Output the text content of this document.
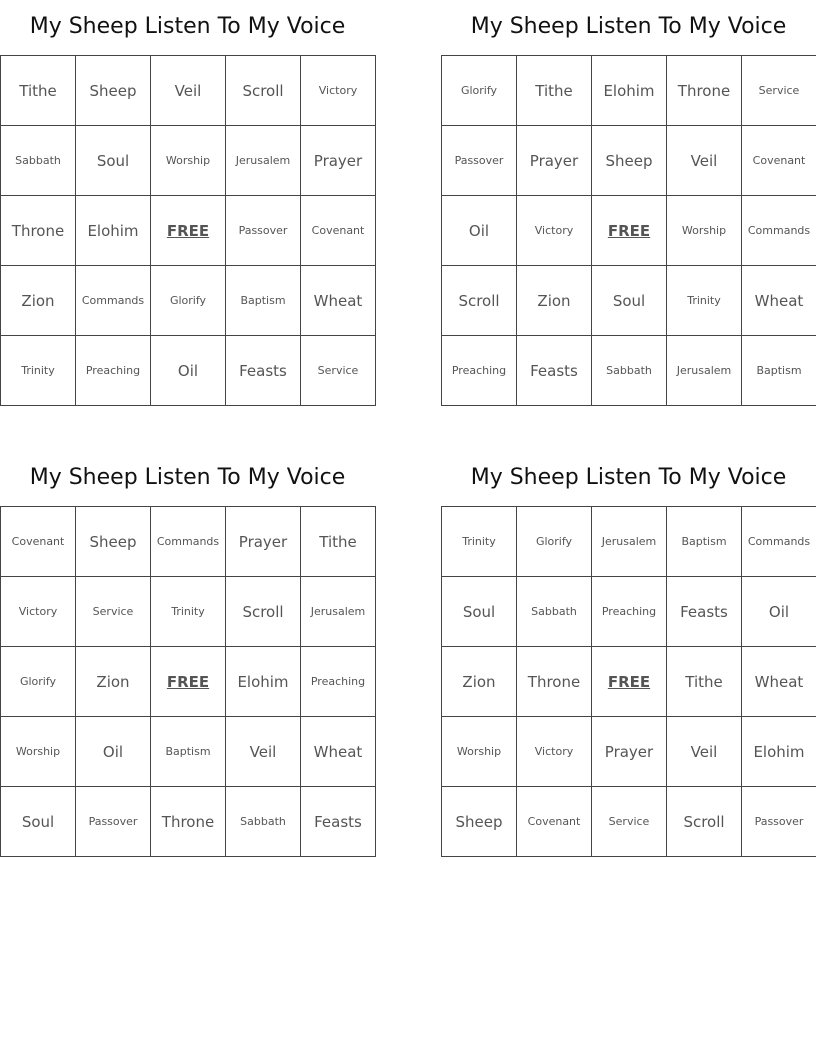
My Sheep Listen To My Voice
Tithe	Sheep	Veil	Scroll	Victory
Sabbath	Soul	Worship	Jerusalem	Prayer
Throne	Elohim	FREE	Passover	Covenant
Zion	Commands	Glorify	Baptism	Wheat
Trinity	Preaching	Oil	Feasts	Service
My Sheep Listen To My Voice
Glorify	Tithe	Elohim	Throne	Service
Passover	Prayer	Sheep	Veil	Covenant
Oil	Victory	FREE	Worship	Commands
Scroll	Zion	Soul	Trinity	Wheat
Preaching	Feasts	Sabbath	Jerusalem	Baptism
My Sheep Listen To My Voice
Covenant	Sheep	Commands	Prayer	Tithe
Victory	Service	Trinity	Scroll	Jerusalem
Glorify	Zion	FREE	Elohim	Preaching
Worship	Oil	Baptism	Veil	Wheat
Soul	Passover	Throne	Sabbath	Feasts
My Sheep Listen To My Voice
Trinity	Glorify	Jerusalem	Baptism	Commands
Soul	Sabbath	Preaching	Feasts	Oil
Zion	Throne	FREE	Tithe	Wheat
Worship	Victory	Prayer	Veil	Elohim
Sheep	Covenant	Service	Scroll	Passover
